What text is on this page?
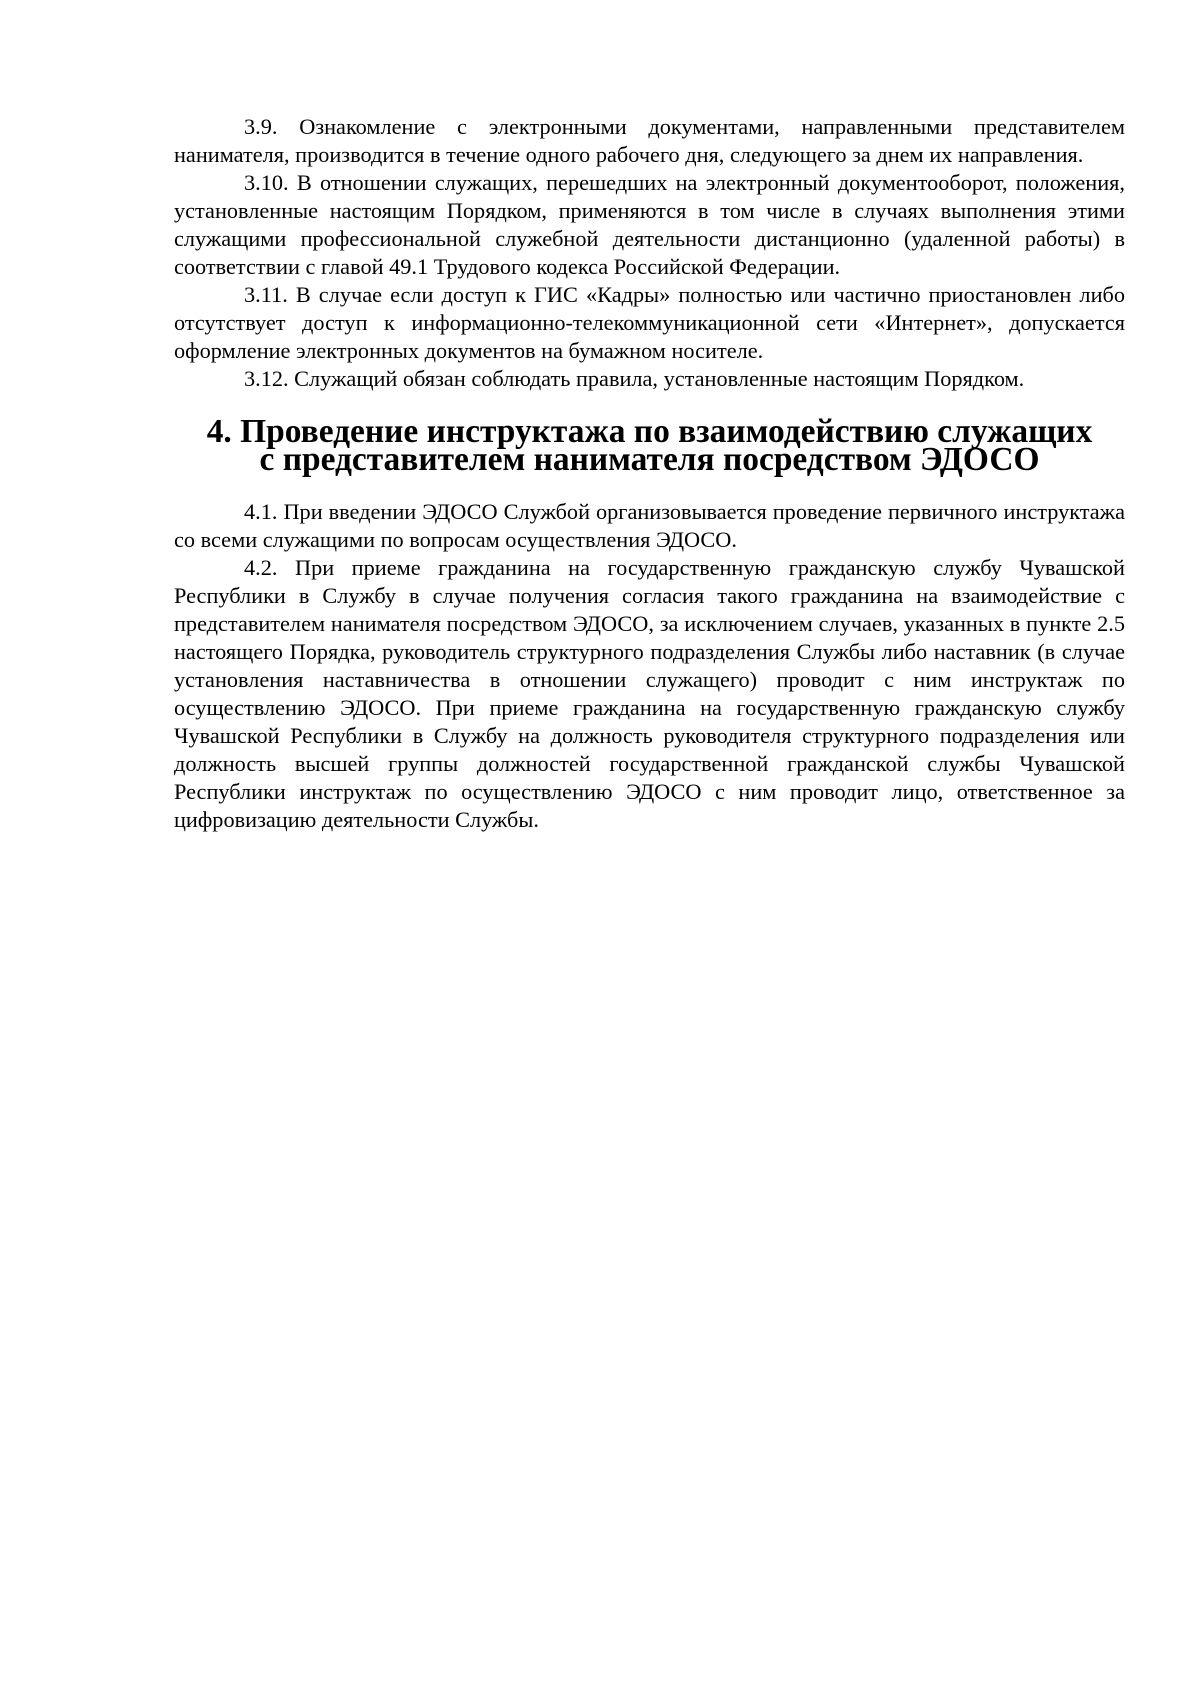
3.9. Ознакомление с электронными документами, направленными представителем нанимателя, производится в течение одного рабочего дня, следующего за днем их направления.

3.10. В отношении служащих, перешедших на электронный документооборот, положения, установленные настоящим Порядком, применяются в том числе в случаях выполнения этими служащими профессиональной служебной деятельности дистанционно (удаленной работы) в соответствии с главой 49.1 Трудового кодекса Российской Федерации.

3.11. В случае если доступ к ГИС «Кадры» полностью или частично приостановлен либо отсутствует доступ к информационно-телекоммуникационной сети «Интернет», допускается оформление электронных документов на бумажном носителе.

3.12. Служащий обязан соблюдать правила, установленные настоящим Порядком.

4. Проведение инструктажа по взаимодействию служащих
с представителем нанимателя посредством ЭДОСО

4.1. При введении ЭДОСО Службой организовывается проведение первичного инструктажа со всеми служащими по вопросам осуществления ЭДОСО.

4.2. При приеме гражданина на государственную гражданскую службу Чувашской Республики в Службу в случае получения согласия такого гражданина на взаимодействие с представителем нанимателя посредством ЭДОСО, за исключением случаев, указанных в пункте 2.5 настоящего Порядка, руководитель структурного подразделения Службы либо наставник (в случае установления наставничества в отношении служащего) проводит с ним инструктаж по осуществлению ЭДОСО. При приеме гражданина на государственную гражданскую службу Чувашской Республики в Службу на должность руководителя структурного подразделения или должность высшей группы должностей государственной гражданской службы Чувашской Республики инструктаж по осуществлению ЭДОСО с ним проводит лицо, ответственное за цифровизацию деятельности Службы.
